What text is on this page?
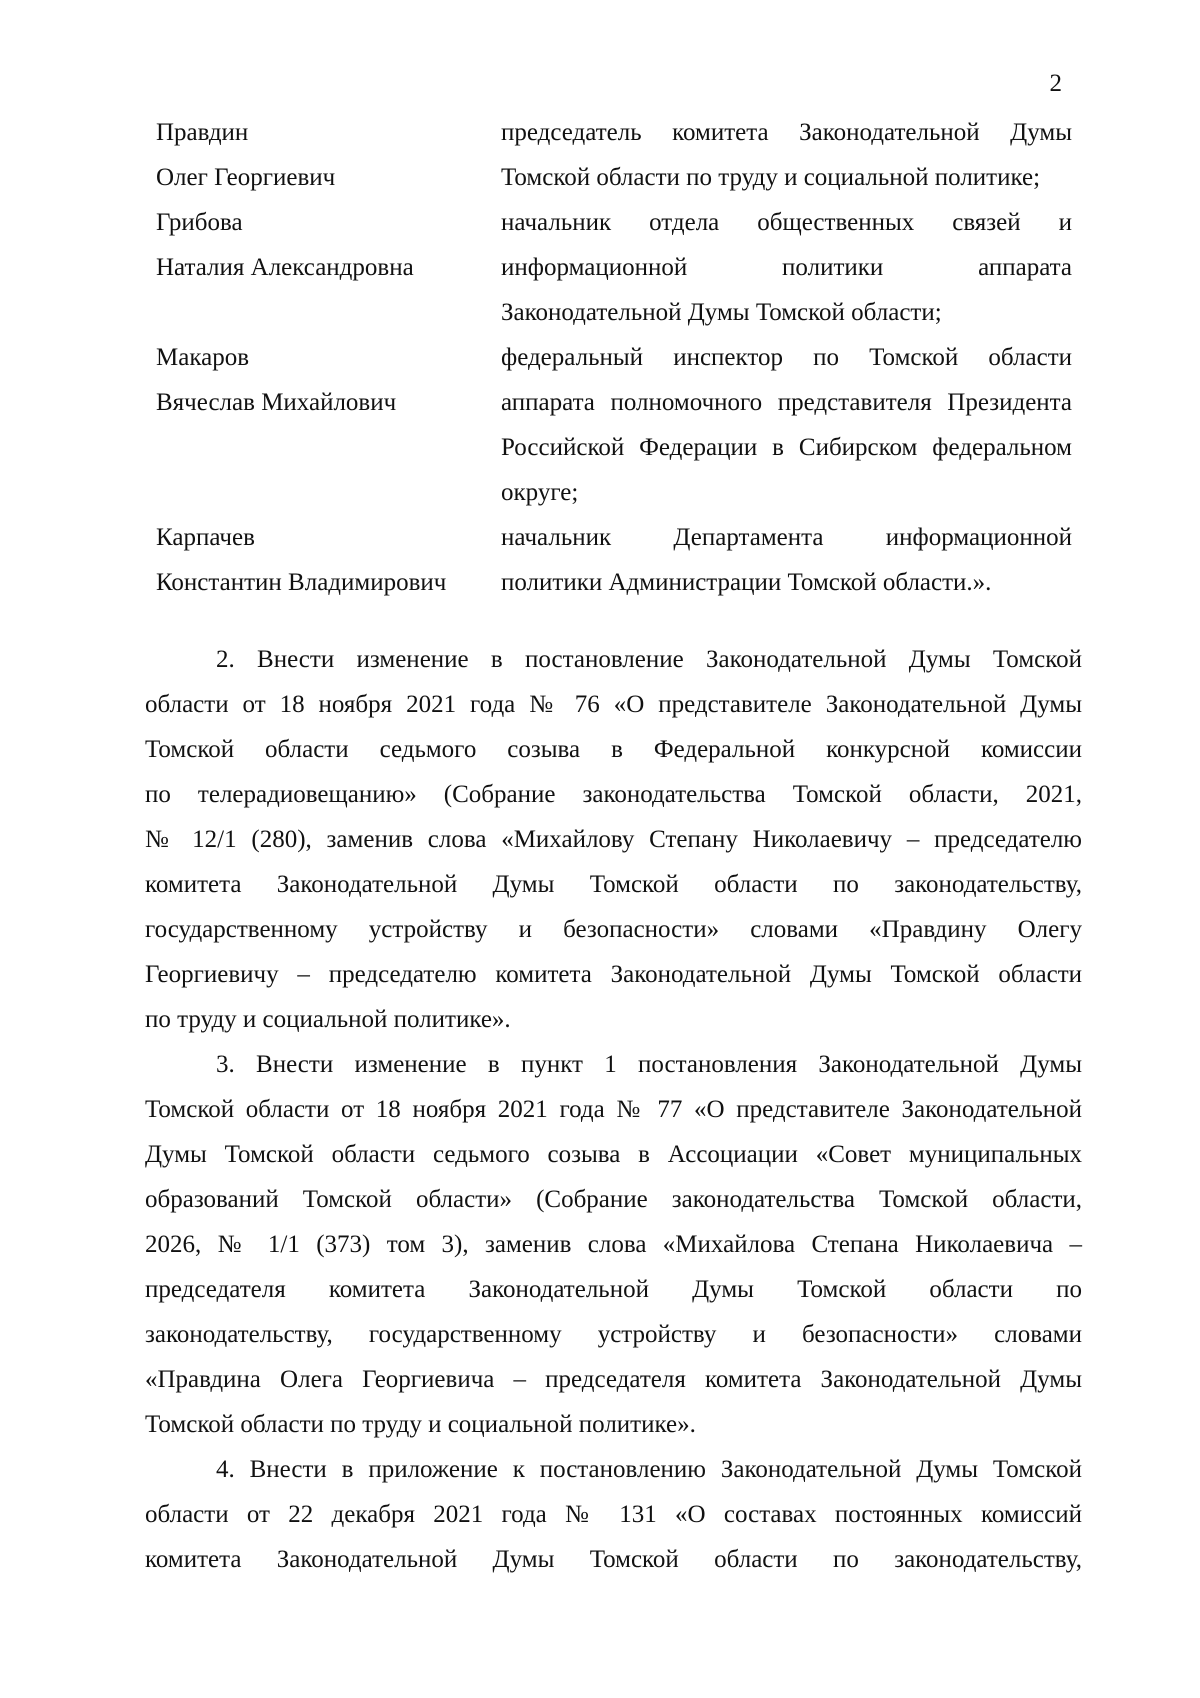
2
Правдин
Олег Георгиевич
председатель комитета Законодательной Думы
Томской области по труду и социальной политике;
Грибова
Наталия Александровна
начальник отдела общественных связей и
информационной политики аппарата
Законодательной Думы Томской области;
Макаров
Вячеслав Михайлович
федеральный инспектор по Томской области
аппарата полномочного представителя Президента
Российской Федерации в Сибирском федеральном
округе;
Карпачев
Константин Владимирович
начальник Департамента информационной
политики Администрации Томской области.».
2. Внести изменение в постановление Законодательной Думы Томской
области от 18 ноября 2021 года № 76 «О представителе Законодательной Думы
Томской области седьмого созыва в Федеральной конкурсной комиссии
по телерадиовещанию» (Собрание законодательства Томской области, 2021,
№ 12/1 (280), заменив слова «Михайлову Степану Николаевичу – председателю
комитета Законодательной Думы Томской области по законодательству,
государственному устройству и безопасности» словами «Правдину Олегу
Георгиевичу – председателю комитета Законодательной Думы Томской области
по труду и социальной политике».
3. Внести изменение в пункт 1 постановления Законодательной Думы
Томской области от 18 ноября 2021 года № 77 «О представителе Законодательной
Думы Томской области седьмого созыва в Ассоциации «Совет муниципальных
образований Томской области» (Собрание законодательства Томской области,
2026, № 1/1 (373) том 3), заменив слова «Михайлова Степана Николаевича –
председателя комитета Законодательной Думы Томской области по
законодательству, государственному устройству и безопасности» словами
«Правдина Олега Георгиевича – председателя комитета Законодательной Думы
Томской области по труду и социальной политике».
4. Внести в приложение к постановлению Законодательной Думы Томской
области от 22 декабря 2021 года № 131 «О составах постоянных комиссий
комитета Законодательной Думы Томской области по законодательству,
